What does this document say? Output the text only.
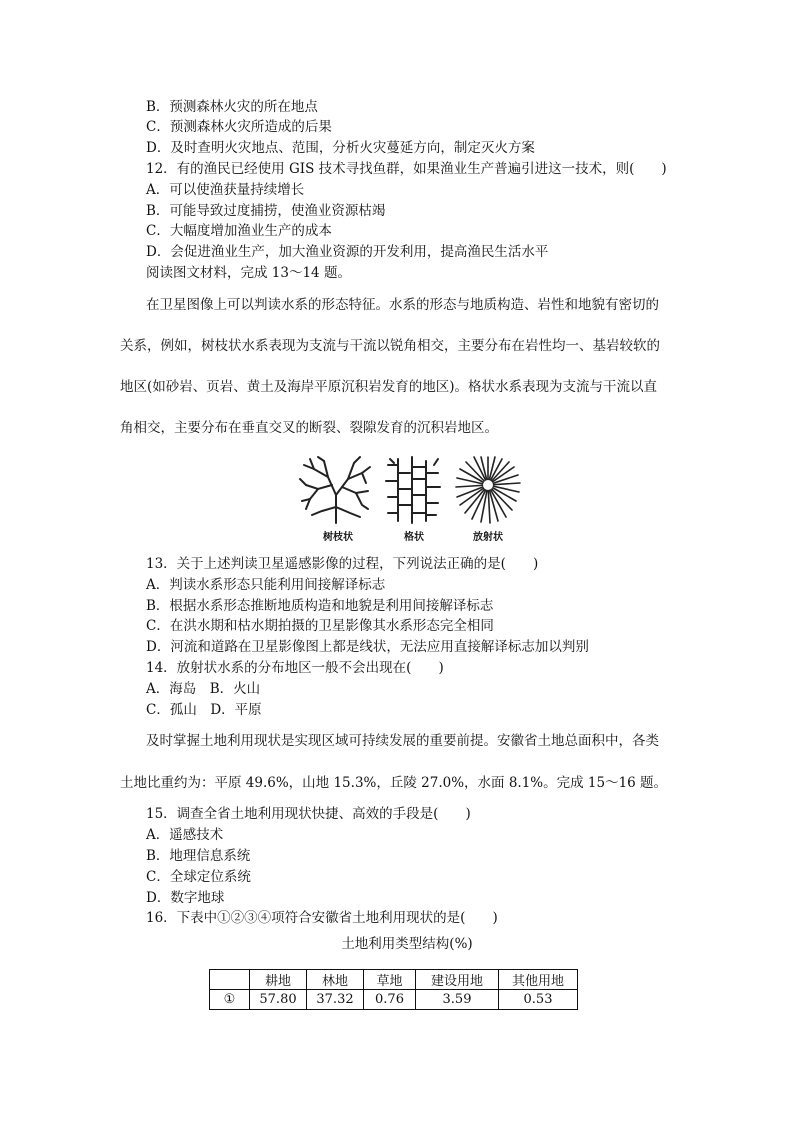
B．预测森林火灾的所在地点
C．预测森林火灾所造成的后果
D．及时查明火灾地点、范围，分析火灾蔓延方向，制定灭火方案
12．有的渔民已经使用 GIS 技术寻找鱼群，如果渔业生产普遍引进这一技术，则(　　)
A．可以使渔获量持续增长
B．可能导致过度捕捞，使渔业资源枯竭
C．大幅度增加渔业生产的成本
D．会促进渔业生产，加大渔业资源的开发利用，提高渔民生活水平
阅读图文材料，完成 13～14 题。
在卫星图像上可以判读水系的形态特征。水系的形态与地质构造、岩性和地貌有密切的
关系，例如，树枝状水系表现为支流与干流以锐角相交，主要分布在岩性均一、基岩较软的
地区(如砂岩、页岩、黄土及海岸平原沉积岩发育的地区)。格状水系表现为支流与干流以直
角相交，主要分布在垂直交叉的断裂、裂隙发育的沉积岩地区。
树枝状	格状	放射状
13．关于上述判读卫星遥感影像的过程，下列说法正确的是(　　)
A．判读水系形态只能利用间接解译标志
B．根据水系形态推断地质构造和地貌是利用间接解译标志
C．在洪水期和枯水期拍摄的卫星影像其水系形态完全相同
D．河流和道路在卫星影像图上都是线状，无法应用直接解译标志加以判别
14．放射状水系的分布地区一般不会出现在(　　)
A．海岛　B．火山
C．孤山　D．平原
及时掌握土地利用现状是实现区域可持续发展的重要前提。安徽省土地总面积中，各类
土地比重约为：平原 49.6%，山地 15.3%，丘陵 27.0%，水面 8.1%。完成 15～16 题。
15．调查全省土地利用现状快捷、高效的手段是(　　)
A．遥感技术
B．地理信息系统
C．全球定位系统
D．数字地球
16．下表中①②③④项符合安徽省土地利用现状的是(　　)
土地利用类型结构(%)
	耕地	林地	草地	建设用地	其他用地
①	57.80	37.32	0.76	3.59	0.53
